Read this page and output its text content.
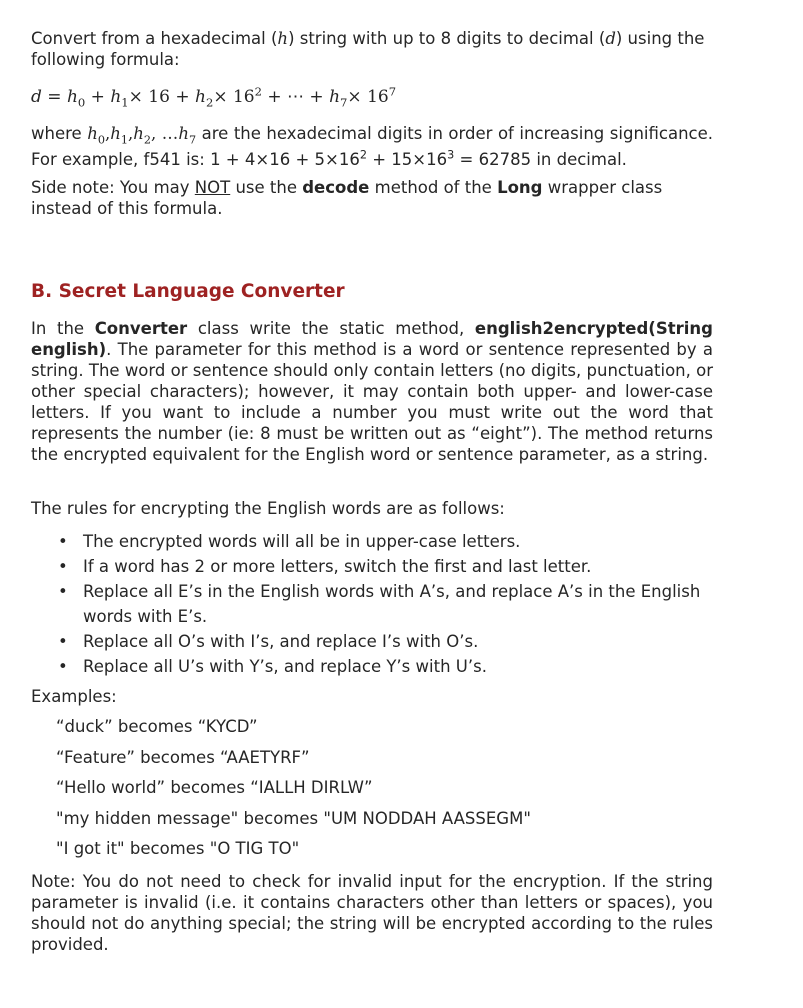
Convert from a hexadecimal (h) string with up to 8 digits to decimal (d) using the following formula:

$d = h_0 + h_1\times 16 + h_2\times 16^2$ + ⋯ + $h_7\times 16^7$

where $h_0,h_1,h_2$, $\dots h_7$ are the hexadecimal digits in order of increasing significance. For example, f541 is: $1 + 4\times 16 + 5\times 16^2 + 15\times 16^3 = 62785$ in decimal.

Side note: You may NOT use the decode method of the Long wrapper class instead of this formula.

B. Secret Language Converter

In the Converter class write the static method, english2encrypted(String english). The parameter for this method is a word or sentence represented by a string. The word or sentence should only contain letters (no digits, punctuation, or other special characters); however, it may contain both upper- and lower-case letters. If you want to include a number you must write out the word that represents the number (ie: 8 must be written out as “eight”). The method returns the encrypted equivalent for the English word or sentence parameter, as a string.

The rules for encrypting the English words are as follows:

• The encrypted words will all be in upper-case letters.
• If a word has 2 or more letters, switch the first and last letter.
• Replace all E’s in the English words with A’s, and replace A’s in the English words with E’s.
• Replace all O’s with I’s, and replace I’s with O’s.
• Replace all U’s with Y’s, and replace Y’s with U’s.

Examples:

“duck” becomes “KYCD”
“Feature” becomes “AAETYRF”
“Hello world” becomes “IALLH DIRLW”
"my hidden message" becomes "UM NODDAH AASSEGM"
"I got it" becomes "O TIG TO"

Note: You do not need to check for invalid input for the encryption. If the string parameter is invalid (i.e. it contains characters other than letters or spaces), you should not do anything special; the string will be encrypted according to the rules provided.
